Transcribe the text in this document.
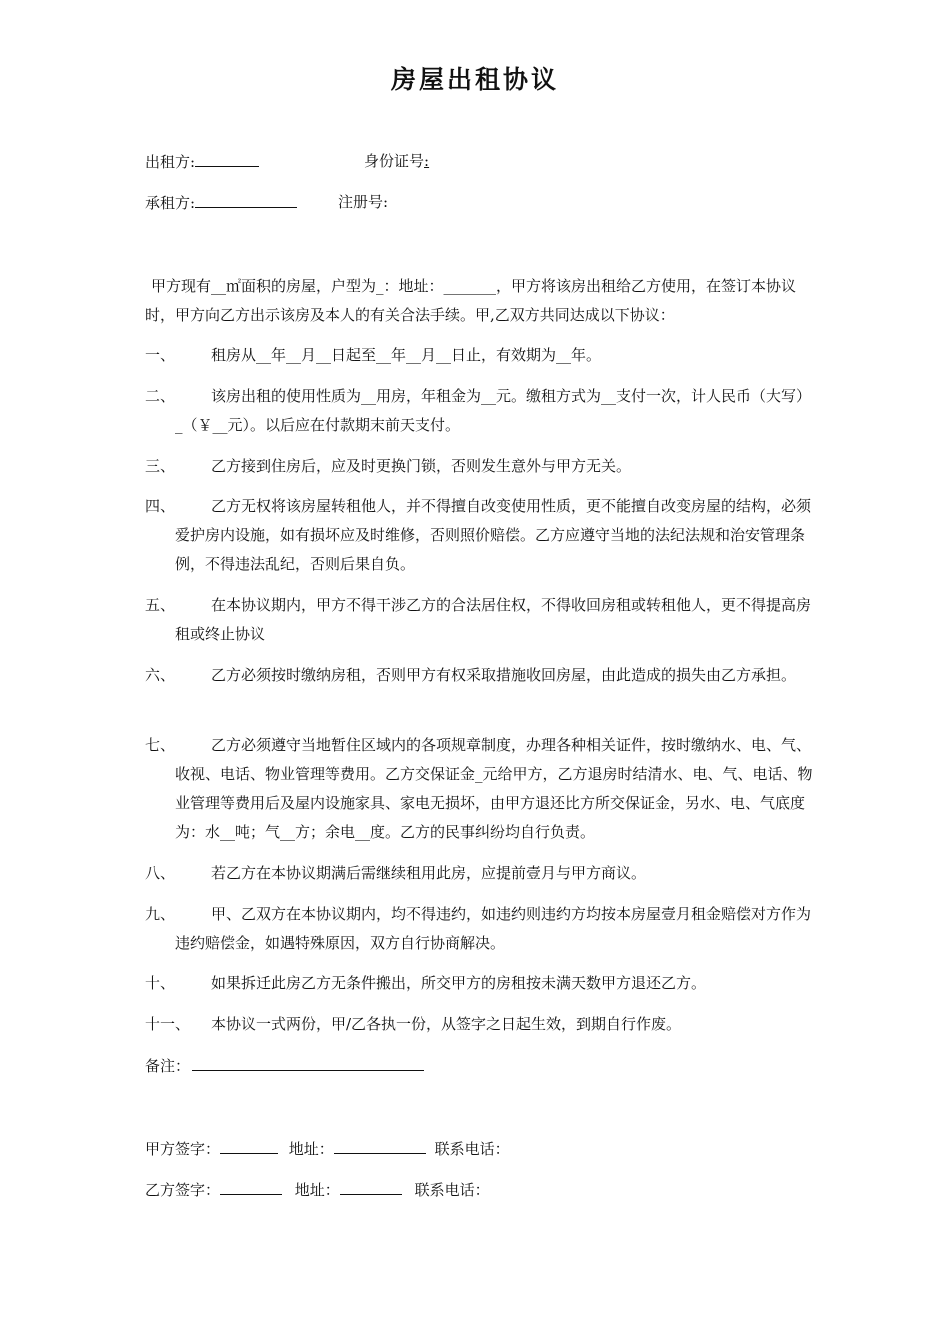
房屋出租协议
出租方:	身份证号:
承租方:	注册号:

甲方现有__㎡面积的房屋，户型为_：地址：_______，甲方将该房出租给乙方使用，在签订本协议时，甲方向乙方出示该房及本人的有关合法手续。甲,乙双方共同达成以下协议：

一、	租房从__年__月__日起至__年__月__日止，有效期为__年。

二、	该房出租的使用性质为__用房，年租金为__元。缴租方式为__支付一次，计人民币（大写）_（￥__元）。以后应在付款期末前天支付。

三、	乙方接到住房后，应及时更换门锁，否则发生意外与甲方无关。

四、	乙方无权将该房屋转租他人，并不得擅自改变使用性质，更不能擅自改变房屋的结构，必须爱护房内设施，如有损坏应及时维修，否则照价赔偿。乙方应遵守当地的法纪法规和治安管理条例，不得违法乱纪，否则后果自负。

五、	在本协议期内，甲方不得干涉乙方的合法居住权，不得收回房租或转租他人，更不得提高房租或终止协议

六、	乙方必须按时缴纳房租，否则甲方有权采取措施收回房屋，由此造成的损失由乙方承担。

七、	乙方必须遵守当地暂住区域内的各项规章制度，办理各种相关证件，按时缴纳水、电、气、收视、电话、物业管理等费用。乙方交保证金_元给甲方，乙方退房时结清水、电、气、电话、物业管理等费用后及屋内设施家具、家电无损坏，由甲方退还比方所交保证金，另水、电、气底度为：水__吨；气__方；余电__度。乙方的民事纠纷均自行负责。

八、	若乙方在本协议期满后需继续租用此房，应提前壹月与甲方商议。

九、	甲、乙双方在本协议期内，均不得违约，如违约则违约方均按本房屋壹月租金赔偿对方作为违约赔偿金，如遇特殊原因，双方自行协商解决。

十、	如果拆迁此房乙方无条件搬出，所交甲方的房租按未满天数甲方退还乙方。

十一、	本协议一式两份，甲/乙各执一份，从签字之日起生效，到期自行作废。

备注：
甲方签字：	地址：	联系电话：
乙方签字：	地址：	联系电话：
